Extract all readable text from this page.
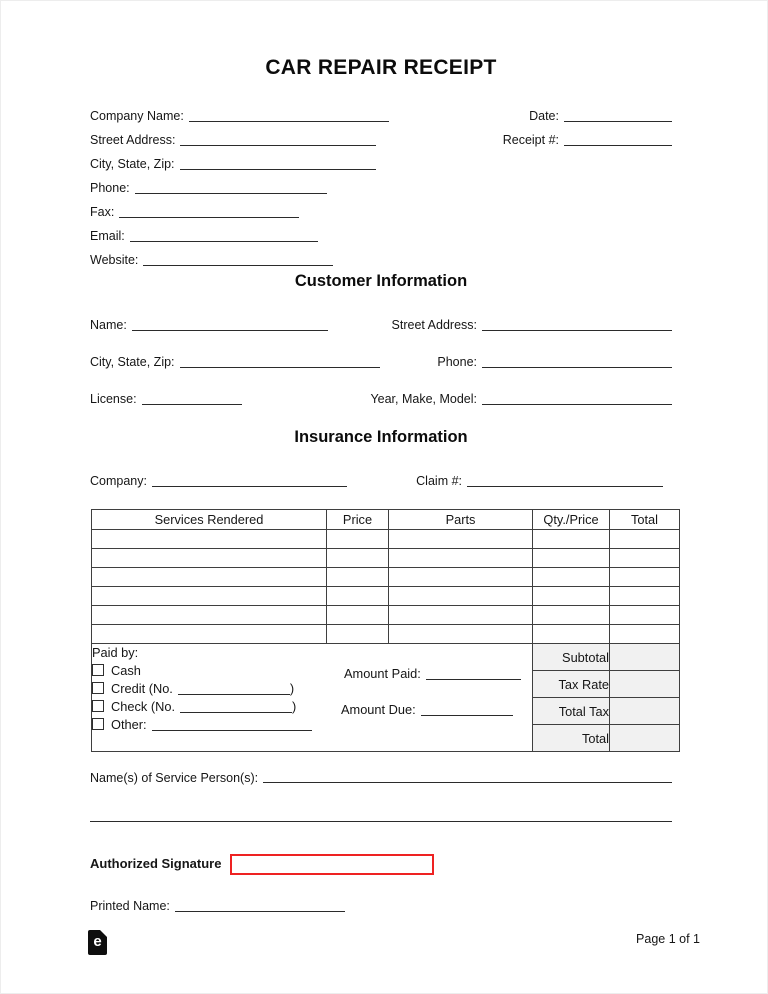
CAR REPAIR RECEIPT
Company Name:
Street Address:
City, State, Zip:
Phone:
Fax:
Email:
Website:
Date:
Receipt #:
Customer Information
Name:	Street Address:
City, State, Zip:	Phone:
License:	Year, Make, Model:
Insurance Information
Company:	Claim #:
Services Rendered	Price	Parts	Qty./Price	Total

Paid by:
Cash
Credit (No.	)
Check (No.	)
Other:
Amount Paid:
Amount Due:
	Subtotal	
			Tax Rate	
			Total Tax	
			Total	
Name(s) of Service Person(s):
Authorized Signature
Printed Name:
e	Page 1 of 1
